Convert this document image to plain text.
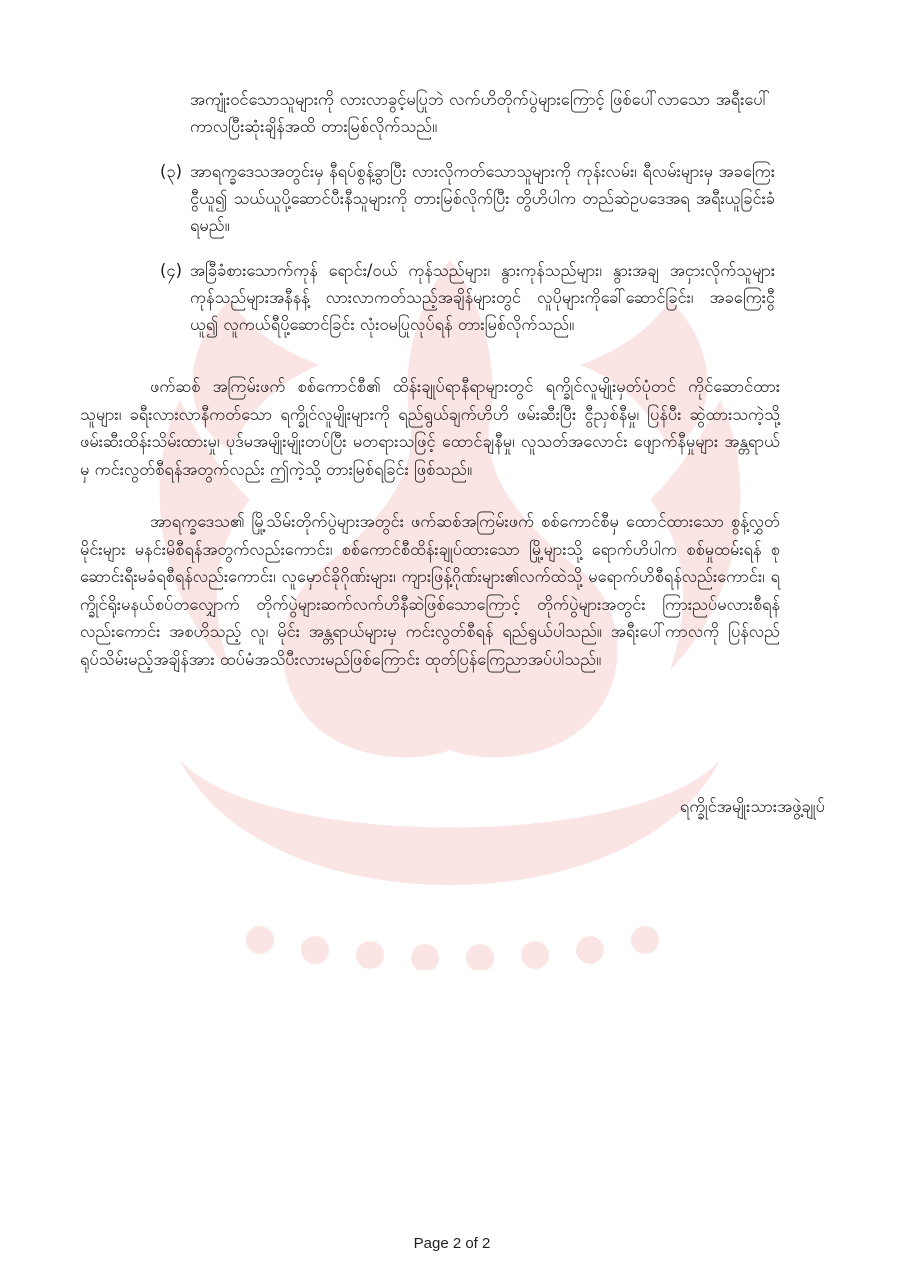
အကျုံးဝင်သောသူများကို လားလာခွင့်မပြုဘဲ လက်ဟိတိုက်ပွဲများကြောင့် ဖြစ်ပေါ်လာသော အရီးပေါ်ကာလပြီးဆုံးချိန်အထိ တားမြစ်လိုက်သည်။

(၃) အာရက္ခဒေသအတွင်းမှ နီရပ်စွန့်ခွာပြီး လားလိုကတ်သောသူများကို ကုန်းလမ်း၊ ရီလမ်းများမှ အခကြေးငွီယူ၍ သယ်ယူပို့ဆောင်ပီးနီသူများကို တားမြစ်လိုက်ပြီး တွိဟိပါက တည်ဆဲဥပဒေအရ အရီးယူခြင်းခံရမည်။

(၄) အခြီခံစားသောက်ကုန် ရောင်း/ဝယ် ကုန်သည်များ၊ နွားကုန်သည်များ၊ နွားအချ အငှားလိုက်သူများ ကုန်သည်များအနီနန့် လားလာကတ်သည့်အချိန်များတွင် လူပိုများကိုခေါ်ဆောင်ခြင်း၊ အခကြေးငွီ ယူ၍ လူကယ်ရီပို့ဆောင်ခြင်း လုံးဝမပြုလုပ်ရန် တားမြစ်လိုက်သည်။

ဖက်ဆစ် အကြမ်းဖက် စစ်ကောင်စီ၏ ထိန်းချုပ်ရာနီရာများတွင် ရက္ခိုင်လူမျိုးမှတ်ပုံတင် ကိုင်ဆောင်ထားသူများ၊ ခရီးလားလာနီကတ်သော ရက္ခိုင်လူမျိုးများကို ရည်ရွယ်ချက်ဟိဟိ ဖမ်းဆီးပြီး ငွီညှစ်နီမှု၊ ပြန်ပီး ဆွဲထားသကဲ့သို့ ဖမ်းဆီးထိန်းသိမ်းထားမှု၊ ပုဒ်မအမျိုးမျိုးတပ်ပြီး မတရားသဖြင့် ထောင်ချနီမှု၊ လူသတ်အလောင်း ဖျောက်နီမှုများ အန္တရာယ်မှ ကင်းလွတ်စီရန်အတွက်လည်း ဤကဲ့သို့ တားမြစ်ရခြင်း ဖြစ်သည်။

အာရက္ခဒေသ၏ မြို့သိမ်းတိုက်ပွဲများအတွင်း ဖက်ဆစ်အကြမ်းဖက် စစ်ကောင်စီမှ ထောင်ထားသော စွန့်လွှတ်မိုင်းများ မနင်းမိစီရန်အတွက်လည်းကောင်း၊ စစ်ကောင်စီထိန်းချုပ်ထားသော မြို့များသို့ ရောက်ဟိပါက စစ်မှုထမ်းရန် စုဆောင်းရီးမခံရစီရန်လည်းကောင်း၊ လူမှောင်ခိုဂိုဏ်းများ၊ ကျားဖြန့်ဂိုဏ်းများ၏လက်ထဲသို့ မရောက်ဟိစီရန်လည်းကောင်း၊ ရက္ခိုင်ရိုးမနယ်စပ်တလျှောက် တိုက်ပွဲများဆက်လက်ဟိနီဆဲဖြစ်သောကြောင့် တိုက်ပွဲများအတွင်း ကြားညပ်မလားစီရန်လည်းကောင်း အစဟိသည့် လူ၊ မိုင်း အန္တရာယ်များမှ ကင်းလွတ်စီရန် ရည်ရွယ်ပါသည်။ အရီးပေါ်ကာလကို ပြန်လည်ရုပ်သိမ်းမည့်အချိန်အား ထပ်မံအသိပီးလားမည်ဖြစ်ကြောင်း ထုတ်ပြန်ကြေညာအပ်ပါသည်။

ရက္ခိုင်အမျိုးသားအဖွဲ့ချုပ်

Page 2 of 2
